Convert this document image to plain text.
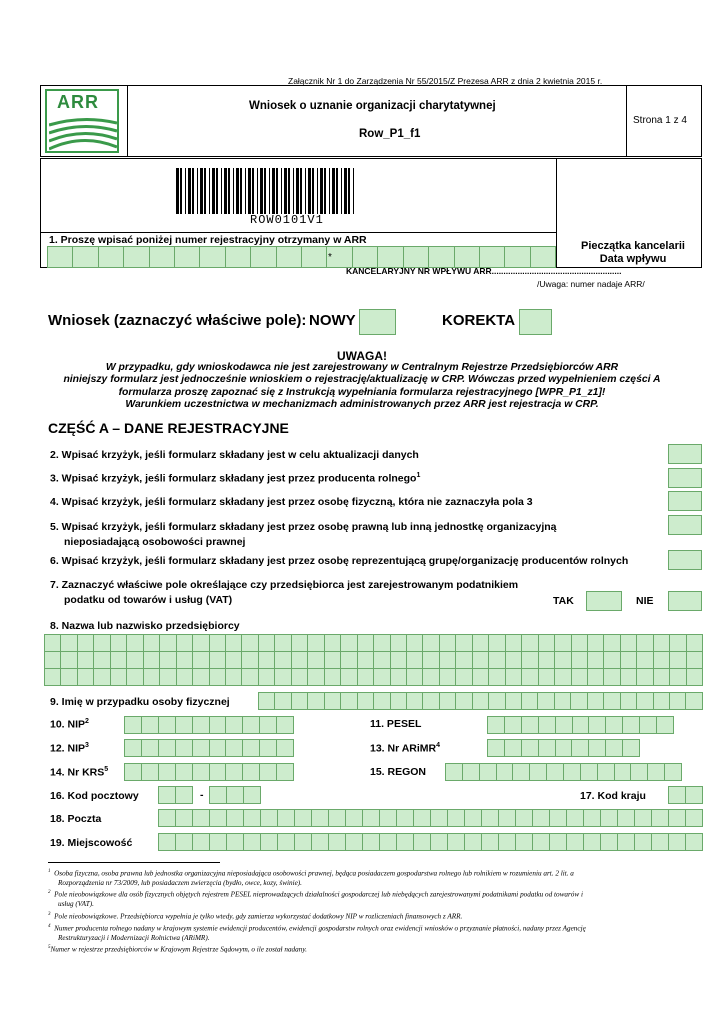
Załącznik Nr 1 do Zarządzenia Nr 55/2015/Z Prezesa ARR z dnia 2 kwietnia 2015 r.
ARR	Wniosek o uznanie organizacji charytatywnej
Row_P1_f1
Strona 1 z 4
ROW0101V1
1. Proszę wpisać poniżej numer rejestracyjny otrzymany w ARR
*
Pieczątka kancelarii
Data wpływu
KANCELARYJNY NR WPŁYWU ARR.......................................................
/Uwaga: numer nadaje ARR/
Wniosek (zaznaczyć właściwe pole): NOWY	KOREKTA
UWAGA!
W przypadku, gdy wnioskodawca nie jest zarejestrowany w Centralnym Rejestrze Przedsiębiorców ARR
niniejszy formularz jest jednocześnie wnioskiem o rejestrację/aktualizację w CRP. Wówczas przed wypełnieniem części A
formularza proszę zapoznać się z Instrukcją wypełniania formularza rejestracyjnego [WPR_P1_z1]!
Warunkiem uczestnictwa w mechanizmach administrowanych przez ARR jest rejestracja w CRP.
CZĘŚĆ A – DANE REJESTRACYJNE
2. Wpisać krzyżyk, jeśli formularz składany jest w celu aktualizacji danych
3. Wpisać krzyżyk, jeśli formularz składany jest przez producenta rolnego$^1$
4. Wpisać krzyżyk, jeśli formularz składany jest przez osobę fizyczną, która nie zaznaczyła pola 3
5. Wpisać krzyżyk, jeśli formularz składany jest przez osobę prawną lub inną jednostkę organizacyjną
nieposiadającą osobowości prawnej
6. Wpisać krzyżyk, jeśli formularz składany jest przez osobę reprezentującą grupę/organizację producentów rolnych
7. Zaznaczyć właściwe pole określające czy przedsiębiorca jest zarejestrowanym podatnikiem
podatku od towarów i usług (VAT)	TAK	NIE
8. Nazwa lub nazwisko przedsiębiorcy
9. Imię w przypadku osoby fizycznej
10. NIP$^2$	11. PESEL
12. NIP$^3$	13. Nr ARiMR$^4$
14. Nr KRS$^5$	15. REGON
16. Kod pocztowy	-	17. Kod kraju
18. Poczta
19. Miejscowość
$^1$ Osoba fizyczna, osoba prawna lub jednostka organizacyjna nieposiadająca osobowości prawnej, będąca posiadaczem gospodarstwa rolnego lub rolnikiem w rozumieniu art. 2 lit. a
Rozporządzenia nr 73/2009, lub posiadaczem zwierzęcia (bydło, owce, kozy, świnie).
$^2$ Pole nieobowiązkowe dla osób fizycznych objętych rejestrem PESEL nieprowadzących działalności gospodarczej lub niebędących zarejestrowanymi podatnikami podatku od towarów i
usług (VAT).
$^3$ Pole nieobowiązkowe. Przedsiębiorca wypełnia je tylko wtedy, gdy zamierza wykorzystać dodatkowy NIP w rozliczeniach finansowych z ARR.
$^4$ Numer producenta rolnego nadany w krajowym systemie ewidencji producentów, ewidencji gospodarstw rolnych oraz ewidencji wniosków o przyznanie płatności, nadany przez Agencję
Restrukturyzacji i Modernizacji Rolnictwa (ARiMR).
$^5$Numer w rejestrze przedsiębiorców w Krajowym Rejestrze Sądowym, o ile został nadany.
